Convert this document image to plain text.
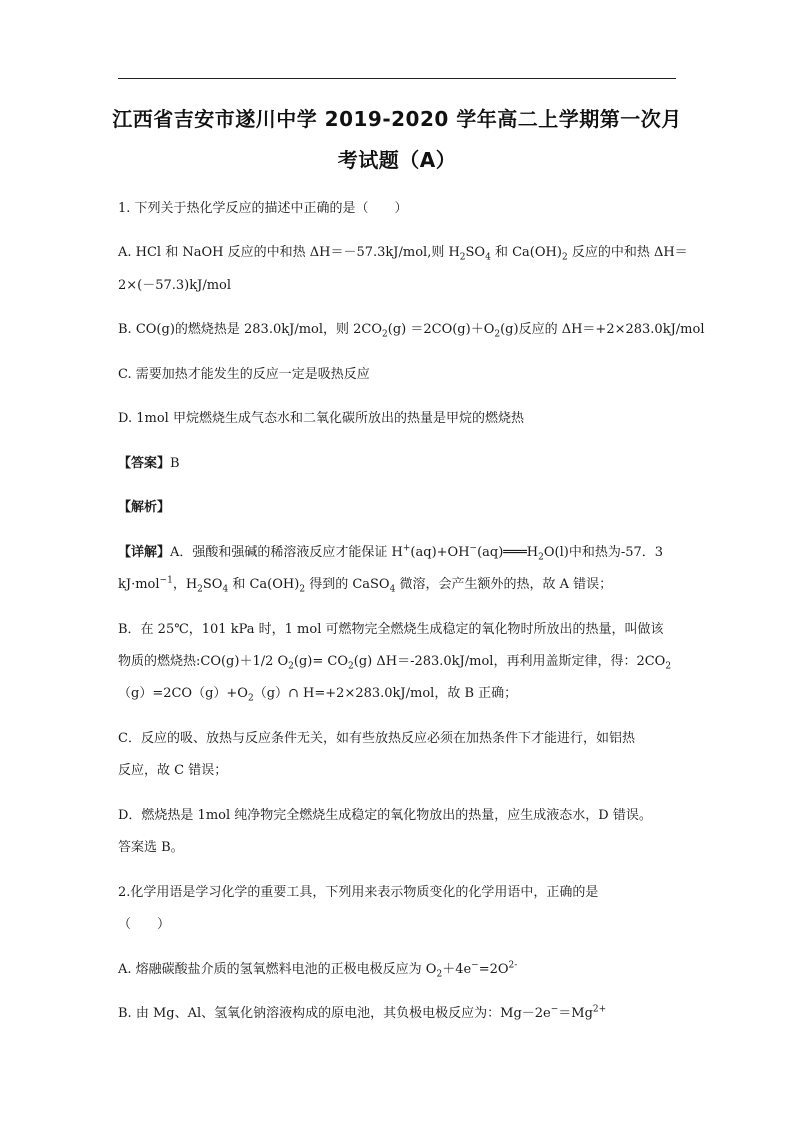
江西省吉安市遂川中学 2019-2020 学年高二上学期第一次月
考试题（A）
1. 下列关于热化学反应的描述中正确的是（　　）
A. HCl 和 NaOH 反应的中和热 ΔH＝－57.3kJ/mol,则 $H_2SO_4$ 和 $Ca(OH)_2$ 反应的中和热 ΔH＝
2×(－57.3)kJ/mol
B. CO(g)的燃烧热是 283.0kJ/mol，则 $2CO_2(g) =2CO(g)+O_2(g)$反应的 ΔH＝+2×283.0kJ/mol
C. 需要加热才能发生的反应一定是吸热反应
D. 1mol 甲烷燃烧生成气态水和二氧化碳所放出的热量是甲烷的燃烧热
【答案】B
【解析】
【详解】A．强酸和强碱的稀溶液反应才能保证 $H^+(aq)+OH^-(aq)═══H_2O(l)$中和热为-57．3
kJ·mol$^{-1}$，$H_2SO_4$ 和 $Ca(OH)_2$ 得到的 CaSO$_4$ 微溶，会产生额外的热，故 A 错误；
B．在 25℃，101 kPa 时，1 mol 可燃物完全燃烧生成稳定的氧化物时所放出的热量，叫做该
物质的燃烧热:CO(g)＋1/2 $O_2(g)= CO_2(g)$ ΔH＝-283.0kJ/mol，再利用盖斯定律，得：$2CO_2$
$(g)=2CO(g)+O_2(g)\cap$ H=+2×283.0kJ/mol，故 B 正确；
C．反应的吸、放热与反应条件无关，如有些放热反应必须在加热条件下才能进行，如铝热
反应，故 C 错误；
D．燃烧热是 1mol 纯净物完全燃烧生成稳定的氧化物放出的热量，应生成液态水，D 错误。
答案选 B。
2.化学用语是学习化学的重要工具，下列用来表示物质变化的化学用语中，正确的是
（　　）
A. 熔融碳酸盐介质的氢氧燃料电池的正极电极反应为 $O_2+4e^-=2O^{2-}$
B. 由 Mg、Al、氢氧化钠溶液构成的原电池，其负极电极反应为：$Mg-2e^-=Mg^{2+}$
